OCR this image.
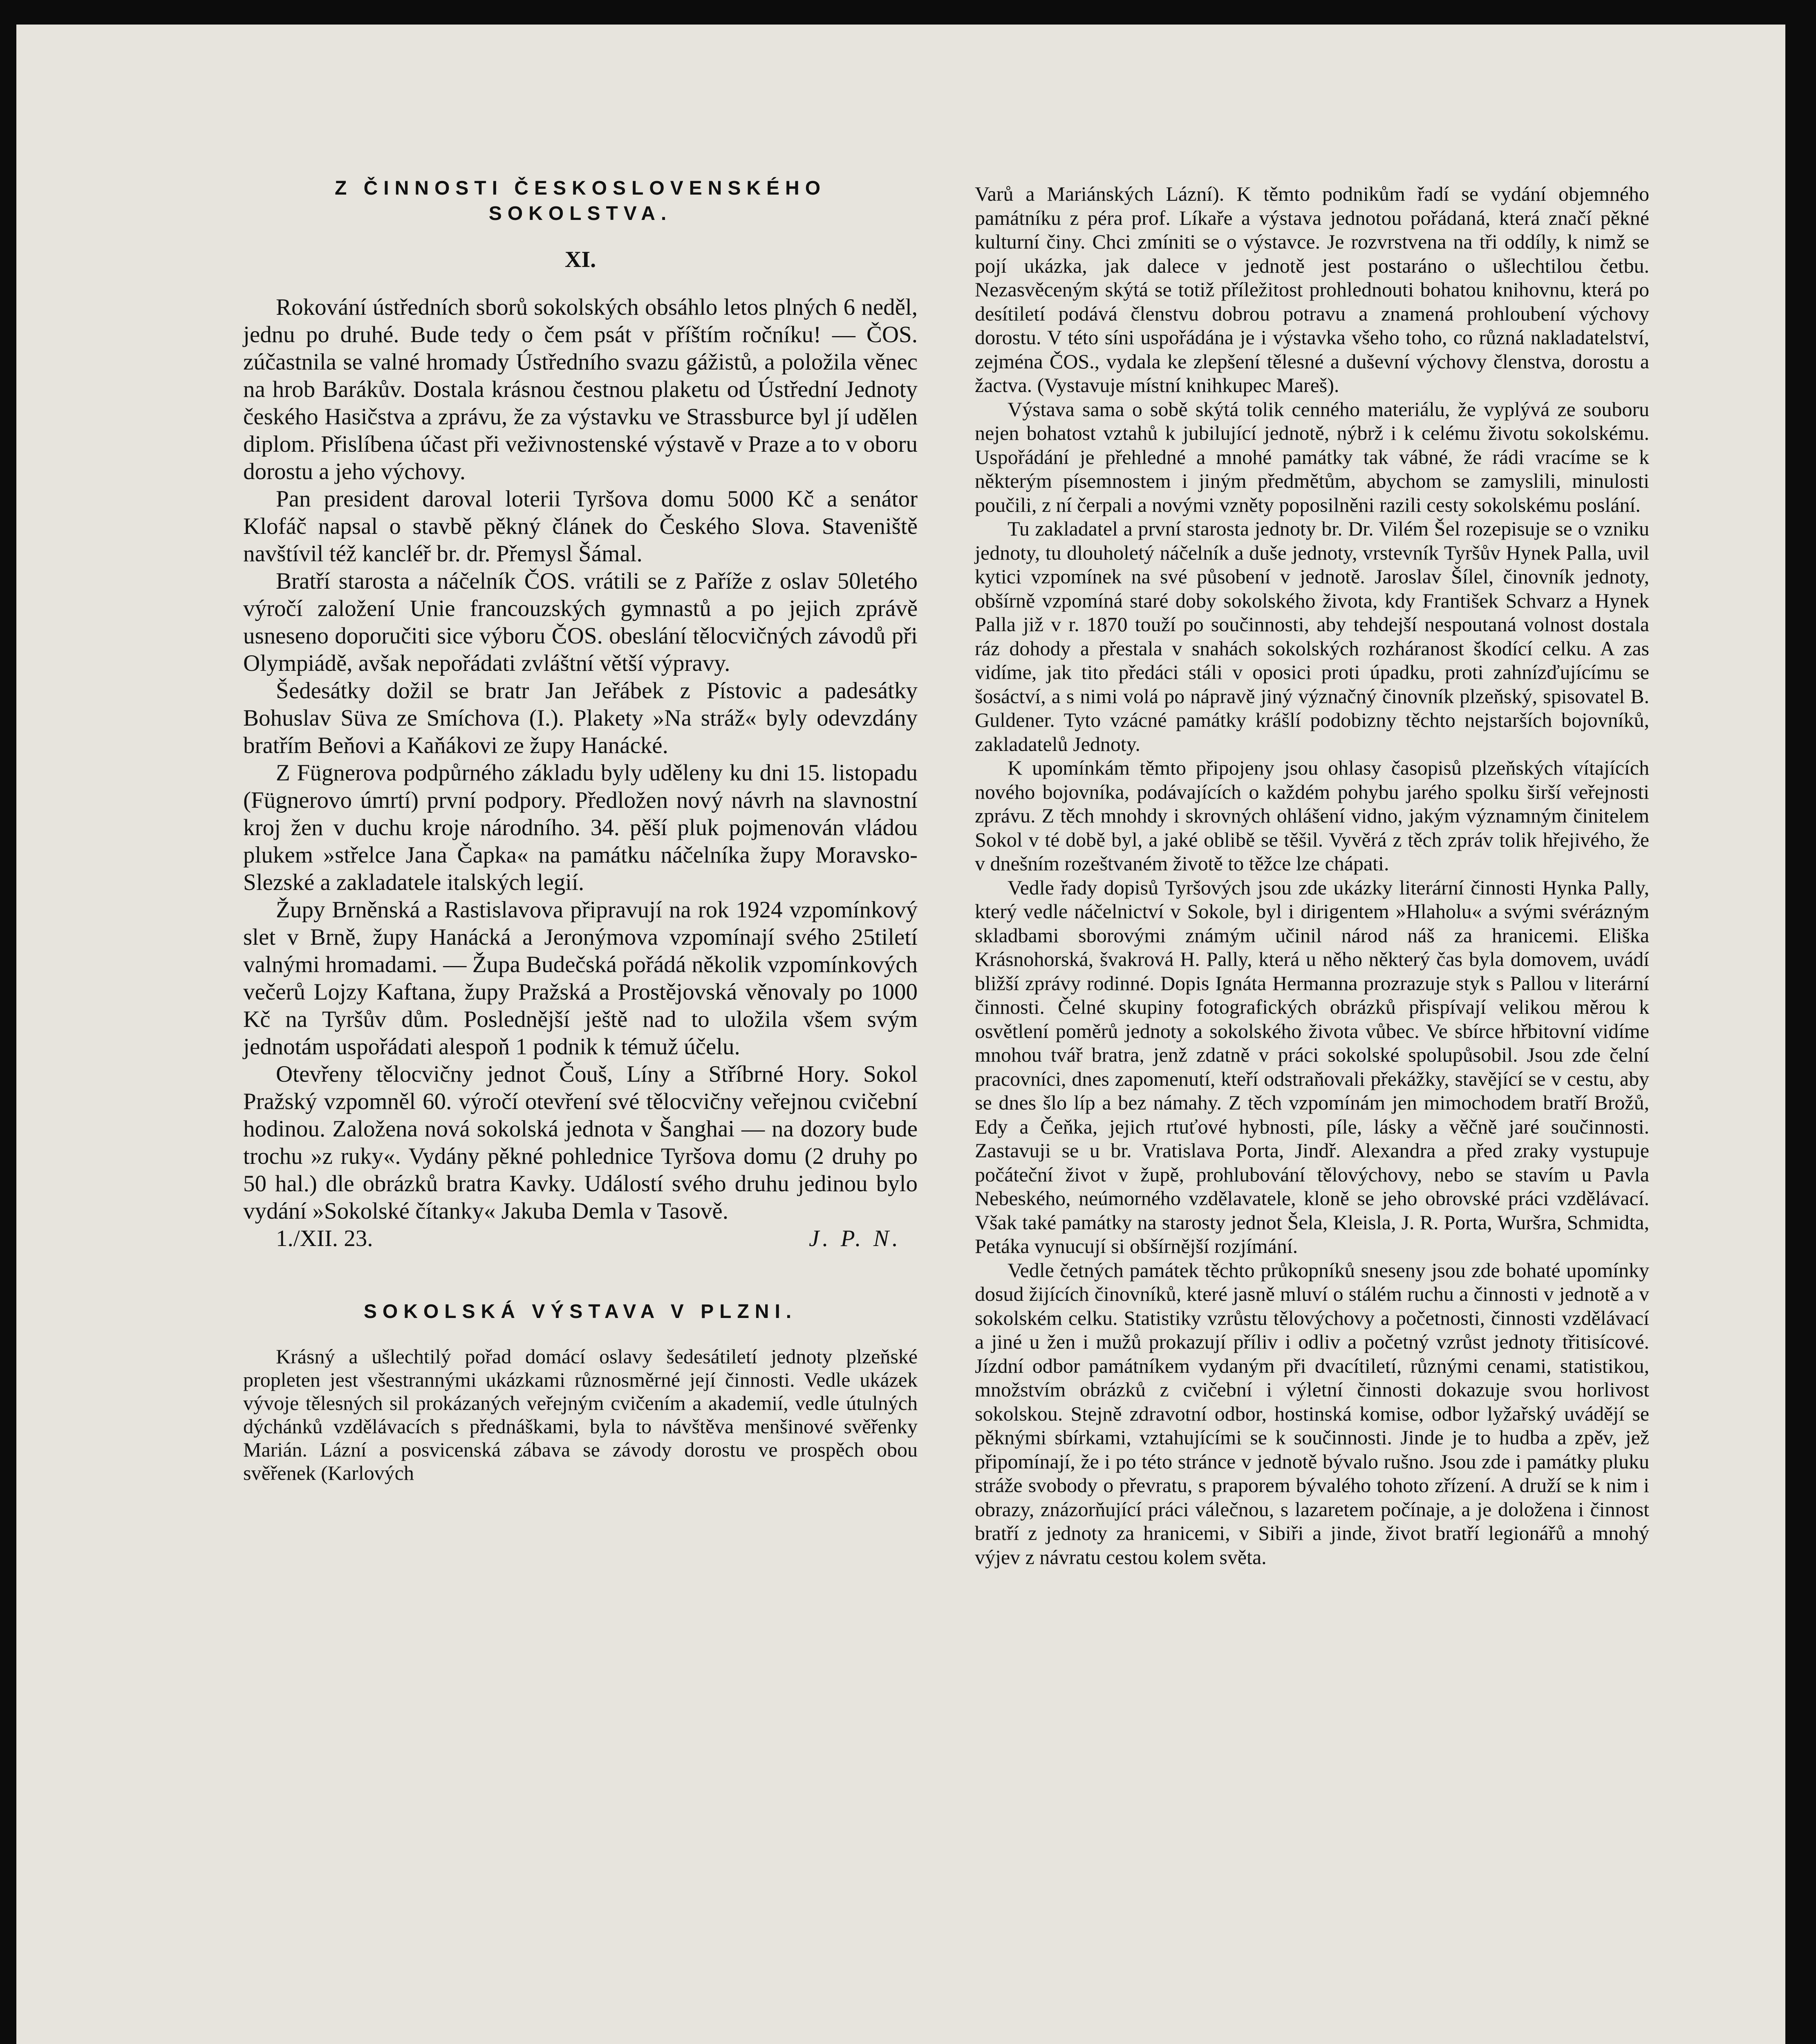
Z ČINNOSTI ČESKOSLOVENSKÉHO SOKOLSTVA.
XI.

Rokování ústředních sborů sokolských obsáhlo letos plných 6 neděl, jednu po druhé. Bude tedy o čem psát v příštím ročníku! — ČOS. zúčastnila se valné hromady Ústředního svazu gážistů, a položila věnec na hrob Barákův. Dostala krásnou čestnou plaketu od Ústřední Jednoty českého Hasičstva a zprávu, že za výstavku ve Strassburce byl jí udělen diplom. Přislíbena účast při veživnostenské výstavě v Praze a to v oboru dorostu a jeho výchovy.

Pan president daroval loterii Tyršova domu 5000 Kč a senátor Klofáč napsal o stavbě pěkný článek do Českého Slova. Staveniště navštívil též kancléř br. dr. Přemysl Šámal.

Bratří starosta a náčelník ČOS. vrátili se z Paříže z oslav 50letého výročí založení Unie francouzských gymnastů a po jejich zprávě usneseno doporučiti sice výboru ČOS. obeslání tělocvičných závodů při Olympiádě, avšak nepořádati zvláštní větší výpravy.

Šedesátky dožil se bratr Jan Jeřábek z Pístovic a padesátky Bohuslav Süva ze Smíchova (I.). Plakety »Na stráž« byly odevzdány bratřím Beňovi a Kaňákovi ze župy Hanácké.

Z Fügnerova podpůrného základu byly uděleny ku dni 15. listopadu (Fügnerovo úmrtí) první podpory. Předložen nový návrh na slavnostní kroj žen v duchu kroje národního. 34. pěší pluk pojmenován vládou plukem »střelce Jana Čapka« na památku náčelníka župy Moravsko-Slezské a zakladatele italských legií.

Župy Brněnská a Rastislavova připravují na rok 1924 vzpomínkový slet v Brně, župy Hanácká a Jeronýmova vzpomínají svého 25tiletí valnými hromadami. — Župa Budečská pořádá několik vzpomínkových večerů Lojzy Kaftana, župy Pražská a Prostějovská věnovaly po 1000 Kč na Tyršův dům. Poslednější ještě nad to uložila všem svým jednotám uspořádati alespoň 1 podnik k témuž účelu.

Otevřeny tělocvičny jednot Čouš, Líny a Stříbrné Hory. Sokol Pražský vzpomněl 60. výročí otevření své tělocvičny veřejnou cvičební hodinou. Založena nová sokolská jednota v Šanghai — na dozory bude trochu »z ruky«. Vydány pěkné pohlednice Tyršova domu (2 druhy po 50 hal.) dle obrázků bratra Kavky. Událostí svého druhu jedinou bylo vydání »Sokolské čítanky« Jakuba Demla v Tasově.

1./XII. 23.	J. P. N.
SOKOLSKÁ VÝSTAVA V PLZNI.

Krásný a ušlechtilý pořad domácí oslavy šedesátiletí jednoty plzeňské propleten jest všestrannými ukázkami různosměrné její činnosti. Vedle ukázek vývoje tělesných sil prokázaných veřejným cvičením a akademií, vedle útulných dýchánků vzdělávacích s přednáškami, byla to návštěva menšinové svěřenky Marián. Lázní a posvicenská zábava se závody dorostu ve prospěch obou svěřenek (Karlových

Varů a Mariánských Lázní). K těmto podnikům řadí se vydání objemného památníku z péra prof. Líkaře a výstava jednotou pořádaná, která značí pěkné kulturní činy. Chci zmíniti se o výstavce. Je rozvrstvena na tři oddíly, k nimž se pojí ukázka, jak dalece v jednotě jest postaráno o ušlechtilou četbu. Nezasvěceným skýtá se totiž příležitost prohlednouti bohatou knihovnu, která po desítiletí podává členstvu dobrou potravu a znamená prohloubení výchovy dorostu. V této síni uspořádána je i výstavka všeho toho, co různá nakladatelství, zejména ČOS., vydala ke zlepšení tělesné a duševní výchovy členstva, dorostu a žactva. (Vystavuje místní knihkupec Mareš).

Výstava sama o sobě skýtá tolik cenného materiálu, že vyplývá ze souboru nejen bohatost vztahů k jubilující jednotě, nýbrž i k celému životu sokolskému. Uspořádání je přehledné a mnohé památky tak vábné, že rádi vracíme se k některým písemnostem i jiným předmětům, abychom se zamyslili, minulosti poučili, z ní čerpali a novými vzněty poposilněni razili cesty sokolskému poslání.

Tu zakladatel a první starosta jednoty br. Dr. Vilém Šel rozepisuje se o vzniku jednoty, tu dlouholetý náčelník a duše jednoty, vrstevník Tyršův Hynek Palla, uvil kytici vzpomínek na své působení v jednotě. Jaroslav Šílel, činovník jednoty, obšírně vzpomíná staré doby sokolského života, kdy František Schvarz a Hynek Palla již v r. 1870 touží po součinnosti, aby tehdejší nespoutaná volnost dostala ráz dohody a přestala v snahách sokolských rozháranost škodící celku. A zas vidíme, jak tito předáci stáli v oposici proti úpadku, proti zahnízďujícímu se šosáctví, a s nimi volá po nápravě jiný význačný činovník plzeňský, spisovatel B. Guldener. Tyto vzácné památky krášlí podobizny těchto nejstarších bojovníků, zakladatelů Jednoty.

K upomínkám těmto připojeny jsou ohlasy časopisů plzeňských vítajících nového bojovníka, podávajících o každém pohybu jarého spolku širší veřejnosti zprávu. Z těch mnohdy i skrovných ohlášení vidno, jakým významným činitelem Sokol v té době byl, a jaké oblibě se těšil. Vyvěrá z těch zpráv tolik hřejivého, že v dnešním rozeštvaném životě to těžce lze chápati.

Vedle řady dopisů Tyršových jsou zde ukázky literární činnosti Hynka Pally, který vedle náčelnictví v Sokole, byl i dirigentem »Hlaholu« a svými svérázným skladbami sborovými známým učinil národ náš za hranicemi. Eliška Krásnohorská, švakrová H. Pally, která u něho některý čas byla domovem, uvádí bližší zprávy rodinné. Dopis Ignáta Hermanna prozrazuje styk s Pallou v literární činnosti. Čelné skupiny fotografických obrázků přispívají velikou měrou k osvětlení poměrů jednoty a sokolského života vůbec. Ve sbírce hřbitovní vidíme mnohou tvář bratra, jenž zdatně v práci sokolské spolupůsobil. Jsou zde čelní pracovníci, dnes zapomenutí, kteří odstraňovali překážky, stavějící se v cestu, aby se dnes šlo líp a bez námahy. Z těch vzpomínám jen mimochodem bratří Brožů, Edy a Čeňka, jejich rtuťové hybnosti, píle, lásky a věčně jaré součinnosti. Zastavuji se u br. Vratislava Porta, Jindř. Alexandra a před zraky vystupuje počáteční život v župě, prohlubování tělovýchovy, nebo se stavím u Pavla Nebeského, neúmorného vzdělavatele, kloně se jeho obrovské práci vzdělávací. Však také památky na starosty jednot Šela, Kleisla, J. R. Porta, Wuršra, Schmidta, Petáka vynucují si obšírnější rozjímání.

Vedle četných památek těchto průkopníků sneseny jsou zde bohaté upomínky dosud žijících činovníků, které jasně mluví o stálém ruchu a činnosti v jednotě a v sokolském celku. Statistiky vzrůstu tělovýchovy a početnosti, činnosti vzdělávací a jiné u žen i mužů prokazují příliv i odliv a početný vzrůst jednoty třitisícové. Jízdní odbor památníkem vydaným při dvacítiletí, různými cenami, statistikou, množstvím obrázků z cvičební i výletní činnosti dokazuje svou horlivost sokolskou. Stejně zdravotní odbor, hostinská komise, odbor lyžařský uvádějí se pěknými sbírkami, vztahujícími se k součinnosti. Jinde je to hudba a zpěv, jež připomínají, že i po této stránce v jednotě bývalo rušno. Jsou zde i památky pluku stráže svobody o převratu, s praporem bývalého tohoto zřízení. A druží se k nim i obrazy, znázorňující práci válečnou, s lazaretem počínaje, a je doložena i činnost bratří z jednoty za hranicemi, v Sibiři a jinde, život bratří legionářů a mnohý výjev z návratu cestou kolem světa.
